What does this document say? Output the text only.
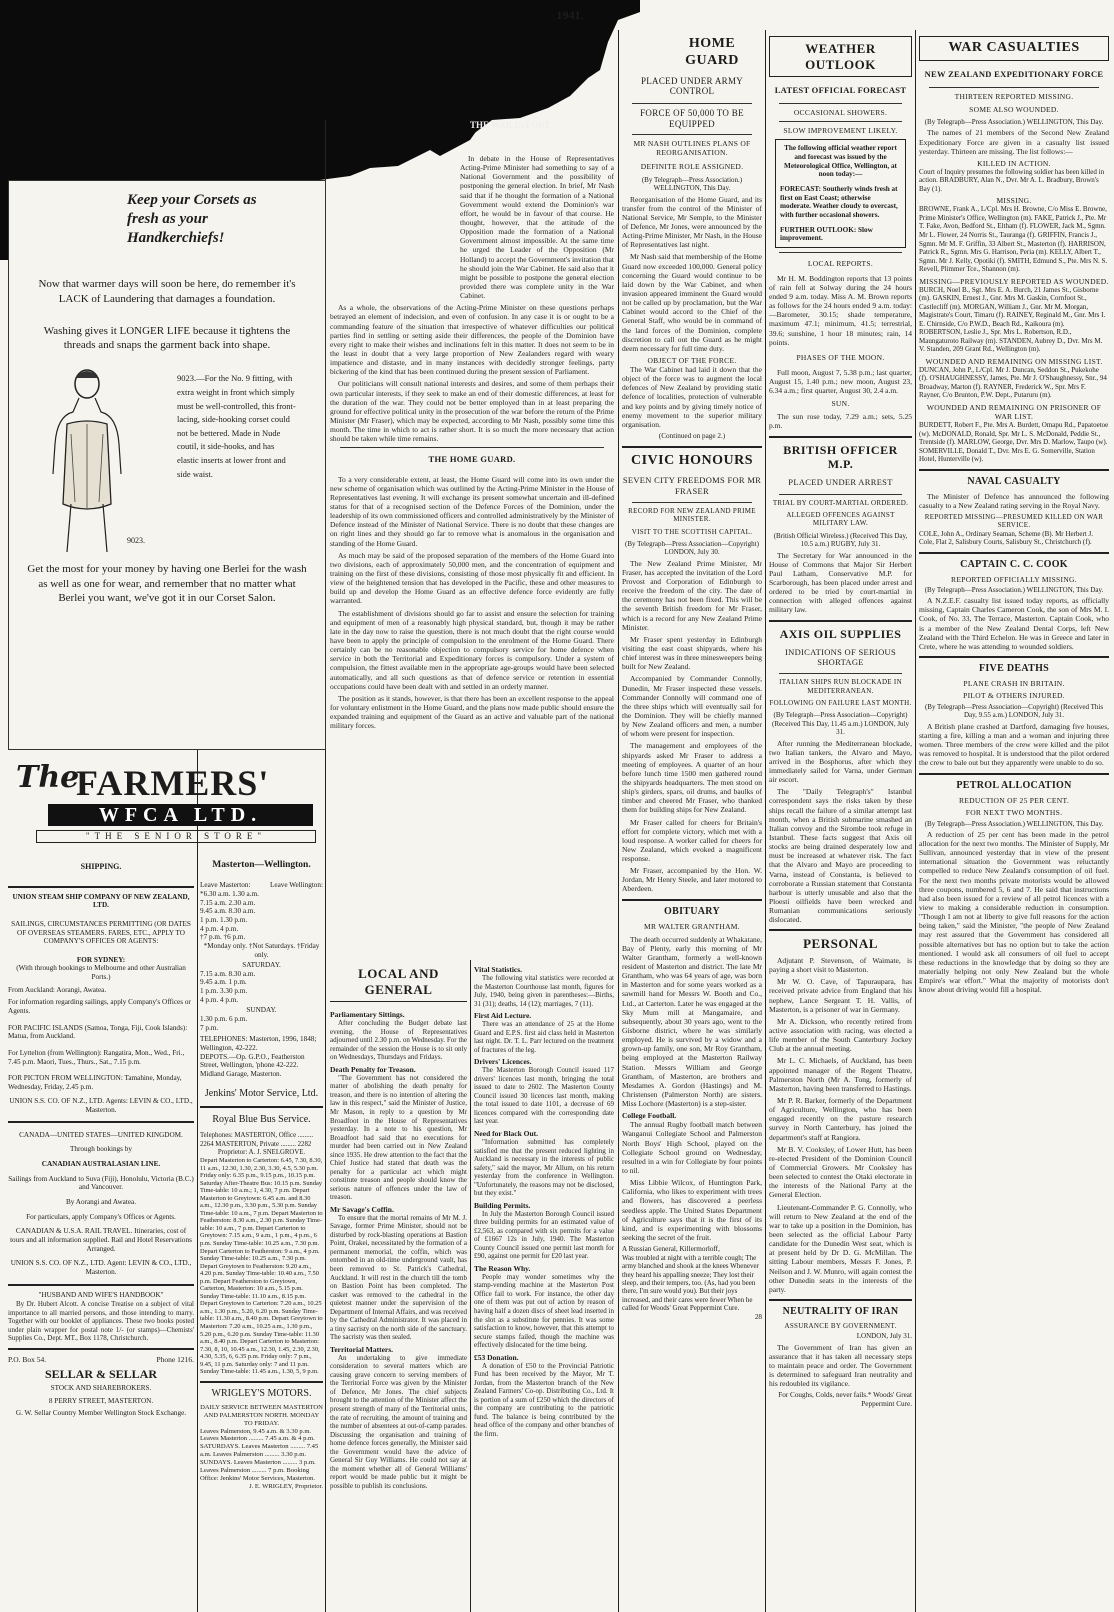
1941.
Keep your Corsets as fresh as your Handkerchiefs!
Now that warmer days will soon be here, do remember it's LACK of Laundering that damages a foundation.
Washing gives it LONGER LIFE because it tightens the threads and snaps the garment back into shape.
9023.—For the No. 9 fitting, with extra weight in front which simply must be well-controlled, this front-lacing, side-hooking corset could not be bettered. Made in Nude coutil, it side-hooks, and has elastic inserts at lower front and side waist.
9023.
Get the most for your money by having one Berlei for the wash as well as one for wear, and remember that no matter what Berlei you want, we've got it in our Corset Salon.
The
FARMERS'
WFCA LTD.
"THE SENIOR STORE"
SHIPPING.
UNION STEAM SHIP COMPANY OF NEW ZEALAND, LTD.
SAILINGS, CIRCUMSTANCES PERMITTING (OR DATES OF OVERSEAS STEAMERS. FARES, ETC., APPLY TO COMPANY'S OFFICES OR AGENTS:
FOR SYDNEY:
(With through bookings to Melbourne and other Australian Ports.)
From Auckland: Aorangi, Awatea.
For information regarding sailings, apply Company's Offices or Agents.
FOR PACIFIC ISLANDS (Samoa, Tonga, Fiji, Cook Islands): Matua, from Auckland.
For Lyttelton (from Wellington): Rangatira, Mon., Wed., Fri., 7.45 p.m. Maori, Tues., Thurs., Sat., 7.15 p.m.
FOR PICTON FROM WELLINGTON: Tamahine, Monday, Wednesday, Friday, 2.45 p.m.
UNION S.S. CO. OF N.Z., LTD. Agents: LEVIN & CO., LTD., Masterton.
CANADA—UNITED STATES—UNITED KINGDOM.
Through bookings by
CANADIAN AUSTRALASIAN LINE.
Sailings from Auckland to Suva (Fiji), Honolulu, Victoria (B.C.) and Vancouver.
By Aorangi and Awatea.
For particulars, apply Company's Offices or Agents.
CANADIAN & U.S.A. RAIL TRAVEL. Itineraries, cost of tours and all information supplied. Rail and Hotel Reservations Arranged.
UNION S.S. CO. OF N.Z., LTD. Agent: LEVIN & CO., LTD., Masterton.
"HUSBAND AND WIFE'S HANDBOOK"
By Dr. Hubert Alcott. A concise Treatise on a subject of vital importance to all married persons, and those intending to marry. Together with our booklet of appliances. These two books posted under plain wrapper for postal note 1/- (or stamps)—Chemists' Supplies Co., Dept. MT., Box 1178, Christchurch.
P.O. Box 54.	Phone 1216.
SELLAR & SELLAR
STOCK AND SHAREBROKERS.
8 PERRY STREET, MASTERTON.
G. W. Sellar Country Member Wellington Stock Exchange.
Masterton—Wellington.
Leave Masterton:	Leave Wellington:
*6.30 a.m. 1.30 a.m.
7.15 a.m. 2.30 a.m.
9.45 a.m. 8.30 a.m.
1 p.m. 1.30 p.m.
4 p.m. 4 p.m.
†7 p.m. †6 p.m.
*Monday only. †Not Saturdays. †Friday only.
SATURDAY.
7.15 a.m. 8.30 a.m.
9.45 a.m. 1 p.m.
1 p.m. 3.30 p.m.
4 p.m. 4 p.m.
SUNDAY.
1.30 p.m. 6 p.m.
7 p.m.
TELEPHONES: Masterton, 1996, 1848; Wellington, 42-222.
DEPOTS.—Op. G.P.O., Featherston Street, Wellington, 'phone 42-222. Midland Garage, Masterton.
Jenkins' Motor Service, Ltd.
Royal Blue Bus Service.
Telephones: MASTERTON, Office ......... 2264 MASTERTON, Private ......... 2282
Proprietor: A. J. SNELGROVE.
Depart Masterton to Carterton: 6.45, 7.30, 8.30, 11 a.m., 12.30, 1.30, 2.30, 3.30, 4.5, 5.30 p.m. Friday only: 6.35 p.m., 9.15 p.m., 10.15 p.m. Saturday After-Theatre Bus: 10.15 p.m. Sunday Time-table: 10 a.m.; 1, 4.30, 7 p.m. Depart Masterton to Greytown: 6.45 a.m. and 8.30 a.m., 12.30 p.m., 3.30 p.m., 5.30 p.m. Sunday Time-table: 10 a.m., 7 p.m. Depart Masterton to Featherston: 8.30 a.m., 2.30 p.m. Sunday Time-table: 10 a.m., 7 p.m. Depart Carterton to Greytown: 7.15 a.m., 9 a.m., 1 p.m., 4 p.m., 6 p.m. Sunday Time-table: 10.25 a.m., 7.30 p.m. Depart Carterton to Featherston: 9 a.m., 4 p.m. Sunday Time-table: 10.25 a.m., 7.30 p.m. Depart Greytown to Featherston: 9.20 a.m., 4.20 p.m. Sunday Time-table: 10.40 a.m., 7.50 p.m. Depart Featherston to Greytown, Carterton, Masterton: 10 a.m., 5.15 p.m. Sunday Time-table: 11.10 a.m., 8.15 p.m. Depart Greytown to Carterton: 7.20 a.m., 10.25 a.m., 1.30 p.m., 5.20, 6.20 p.m. Sunday Time-table: 11.30 a.m., 8.40 p.m. Depart Greytown to Masterton: 7.20 a.m., 10.25 a.m., 1.30 p.m., 5.20 p.m., 6.20 p.m. Sunday Time-table: 11.30 a.m., 8.40 p.m. Depart Carterton to Masterton: 7.30, 8, 10, 10.45 a.m., 12.30, 1.45, 2.30, 2.30, 4.30, 5.35, 6, 6.35 p.m. Friday only: 7 p.m., 9.45, 11 p.m. Saturday only: 7 and 11 p.m. Sunday Time-table: 11.45 a.m., 1.30, 5, 9 p.m.
WRIGLEY'S MOTORS.
DAILY SERVICE BETWEEN MASTERTON AND PALMERSTON NORTH. MONDAY TO FRIDAY.
Leaves Palmerston, 9.45 a.m. & 3.30 p.m. Leaves Masterton ......... 7.45 a.m. & 4 p.m. SATURDAYS. Leaves Masterton ......... 7.45 a.m. Leaves Palmerston ......... 3.30 p.m. SUNDAYS. Leaves Masterton ......... 3 p.m. Leaves Palmerston ......... 7 p.m. Booking Office: Jenkins' Motor Services, Masterton.
J. E. WRIGLEY, Proprietor.
THE WAR EFFORT
In debate in the House of Representatives Acting-Prime Minister had something to say of a National Government and the possibility of postponing the general election. In brief, Mr Nash said that if he thought the formation of a National Government would extend the Dominion's war effort, he would be in favour of that course. He thought, however, that the attitude of the Opposition made the formation of a National Government almost impossible. At the same time he urged the Leader of the Opposition (Mr Holland) to accept the Government's invitation that he should join the War Cabinet. He said also that it might be possible to postpone the general election provided there was complete unity in the War Cabinet.
As a whole, the observations of the Acting-Prime Minister on these questions perhaps betrayed an element of indecision, and even of confusion. In any case it is or ought to be a commanding feature of the situation that irrespective of whatever difficulties our political parties find in settling or setting aside their differences, the people of the Dominion have every right to make their wishes and inclinations felt in this matter. It does not seem to be in the least in doubt that a very large proportion of New Zealanders regard with weary impatience and distaste, and in many instances with decidedly stronger feelings, party bickering of the kind that has been continued during the present session of Parliament.
Our politicians will consult national interests and desires, and some of them perhaps their own particular interests, if they seek to make an end of their domestic differences, at least for the duration of the war. They could not be better employed than in at least preparing the ground for effective political unity in the prosecution of the war before the return of the Prime Minister (Mr Fraser), which may be expected, according to Mr Nash, possibly some time this month. The time in which to act is rather short. It is so much the more necessary that action should be taken while time remains.
THE HOME GUARD.
To a very considerable extent, at least, the Home Guard will come into its own under the new scheme of organisation which was outlined by the Acting-Prime Minister in the House of Representatives last evening. It will exchange its present somewhat uncertain and ill-defined status for that of a recognised section of the Defence Forces of the Dominion, under the leadership of its own commissioned officers and controlled administratively by the Minister of Defence instead of the Minister of National Service. There is no doubt that these changes are on right lines and they should go far to remove what is anomalous in the organisation and standing of the Home Guard.
As much may be said of the proposed separation of the members of the Home Guard into two divisions, each of approximately 50,000 men, and the concentration of equipment and training on the first of these divisions, consisting of those most physically fit and efficient. In view of the heightened tension that has developed in the Pacific, these and other measures to build up and develop the Home Guard as an effective defence force evidently are fully warranted.
The establishment of divisions should go far to assist and ensure the selection for training and equipment of men of a reasonably high physical standard, but, though it may be rather late in the day now to raise the question, there is not much doubt that the right course would have been to apply the principle of compulsion to the enrolment of the Home Guard. There certainly can be no reasonable objection to compulsory service for home defence when service in both the Territorial and Expeditionary forces is compulsory. Under a system of compulsion, the fittest available men in the appropriate age-groups would have been selected automatically, and all such questions as that of defence service or retention in essential occupations could have been dealt with and settled in an orderly manner.
The position as it stands, however, is that there has been an excellent response to the appeal for voluntary enlistment in the Home Guard, and the plans now made public should ensure the expanded training and equipment of the Guard as an active and valuable part of the national military forces.
LOCAL AND GENERAL
Parliamentary Sittings.
After concluding the Budget debate last evening, the House of Representatives adjourned until 2.30 p.m. on Wednesday. For the remainder of the session the House is to sit only on Wednesdays, Thursdays and Fridays.
Death Penalty for Treason.
"The Government has not considered the matter of abolishing the death penalty for treason, and there is no intention of altering the law in this respect," said the Minister of Justice, Mr Mason, in reply to a question by Mr Broadfoot in the House of Representatives yesterday. In a note to his question, Mr Broadfoot had said that no executions for murder had been carried out in New Zealand since 1935. He drew attention to the fact that the Chief Justice had stated that death was the penalty for a particular act which might constitute treason and people should know the serious nature of offences under the law of treason.
Mr Savage's Coffin.
To ensure that the mortal remains of Mr M. J. Savage, former Prime Minister, should not be disturbed by rock-blasting operations at Bastion Point, Orakei, necessitated by the formation of a permanent memorial, the coffin, which was entombed in an old-time underground vault, has been removed to St. Patrick's Cathedral, Auckland. It will rest in the church till the tomb on Bastion Point has been completed. The casket was removed to the cathedral in the quietest manner under the supervision of the Department of Internal Affairs, and was received by the Cathedral Administrator. It was placed in a tiny sacristy on the north side of the sanctuary. The sacristy was then sealed.
Territorial Matters.
An undertaking to give immediate consideration to several matters which are causing grave concern to serving members of the Territorial Force was given by the Minister of Defence, Mr Jones. The chief subjects brought to the attention of the Minister affect the present strength of many of the Territorial units, the rate of recruiting, the amount of training and the number of absentees at out-of-camp parades. Discussing the organisation and training of home defence forces generally, the Minister said the Government would have the advice of General Sir Guy Williams. He could not say at the moment whether all of General Williams' report would be made public but it might be possible to publish its conclusions.
Vital Statistics.
The following vital statistics were recorded at the Masterton Courthouse last month, figures for July, 1940, being given in parentheses:—Births, 31 (31); deaths, 14 (12); marriages, 7 (11).
First Aid Lecture.
There was an attendance of 25 at the Home Guard and E.P.S. first aid class held in Masterton last night. Dr. T. L. Parr lectured on the treatment of fractures of the leg.
Drivers' Licences.
The Masterton Borough Council issued 117 drivers' licences last month, bringing the total issued to date to 2602. The Masterton County Council issued 30 licences last month, making the total issued to date 1101, a decrease of 69 licences compared with the corresponding date last year.
Need for Black Out.
"Information submitted has completely satisfied me that the present reduced lighting in Auckland is necessary in the interests of public safety," said the mayor, Mr Allum, on his return yesterday from the conference in Wellington. "Unfortunately, the reasons may not be disclosed, but they exist."
Building Permits.
In July the Masterton Borough Council issued three building permits for an estimated value of £2,563, as compared with six permits for a value of £1667 12s in July, 1940. The Masterton County Council issued one permit last month for £90, against one permit for £20 last year.
The Reason Why.
People may wonder sometimes why the stamp-vending machine at the Masterton Post Office fail to work. For instance, the other day one of them was put out of action by reason of having half a dozen discs of sheet lead inserted in the slot as a substitute for pennies. It was some satisfaction to know, however, that this attempt to secure stamps failed, though the machine was effectively dislocated for the time being.
£53 Donation.
A donation of £50 to the Provincial Patriotic Fund has been received by the Mayor, Mr T. Jordan, from the Masterton branch of the New Zealand Farmers' Co-op. Distributing Co., Ltd. It is portion of a sum of £250 which the directors of the company are contributing to the patriotic fund. The balance is being contributed by the head office of the company and other branches of the firm.
HOME GUARD
PLACED UNDER ARMY CONTROL
FORCE OF 50,000 TO BE EQUIPPED
MR NASH OUTLINES PLANS OF REORGANISATION.
DEFINITE ROLE ASSIGNED.
(By Telegraph—Press Association.) WELLINGTON, This Day.
Reorganisation of the Home Guard, and its transfer from the control of the Minister of National Service, Mr Semple, to the Minister of Defence, Mr Jones, were announced by the Acting-Prime Minister, Mr Nash, in the House of Representatives last night.
Mr Nash said that membership of the Home Guard now exceeded 100,000. General policy concerning the Guard would continue to be laid down by the War Cabinet, and when invasion appeared imminent the Guard would not be called up by proclamation, but the War Cabinet would accord to the Chief of the General Staff, who would be in command of the land forces of the Dominion, complete discretion to call out the Guard as he might deem necessary for full time duty.
OBJECT OF THE FORCE.
The War Cabinet had laid it down that the object of the force was to augment the local defences of New Zealand by providing static defence of localities, protection of vulnerable and key points and by giving timely notice of enemy movement to the superior military organisation.
(Continued on page 2.)
CIVIC HONOURS
SEVEN CITY FREEDOMS FOR MR FRASER
RECORD FOR NEW ZEALAND PRIME MINISTER.
VISIT TO THE SCOTTISH CAPITAL.
(By Telegraph—Press Association—Copyright) LONDON, July 30.
The New Zealand Prime Minister, Mr Fraser, has accepted the invitation of the Lord Provost and Corporation of Edinburgh to receive the freedom of the city. The date of the ceremony has not been fixed. This will be the seventh British freedom for Mr Fraser, which is a record for any New Zealand Prime Minister.
Mr Fraser spent yesterday in Edinburgh visiting the east coast shipyards, where his chief interest was in three minesweepers being built for New Zealand.
Accompanied by Commander Connolly, Dunedin, Mr Fraser inspected these vessels. Commander Connolly will command one of the three ships which will eventually sail for the Dominion. They will be chiefly manned by New Zealand officers and men, a number of whom were present for inspection.
The management and employees of the shipyards asked Mr Fraser to address a meeting of employees. A quarter of an hour before lunch time 1500 men gathered round the shipyards headquarters. The men stood on ship's girders, spars, oil drums, and baulks of timber and cheered Mr Fraser, who thanked them for building ships for New Zealand.
Mr Fraser called for cheers for Britain's effort for complete victory, which met with a loud response. A worker called for cheers for New Zealand, which evoked a magnificent response.
Mr Fraser, accompanied by the Hon. W. Jordan, Mr Henry Steele, and later motored to Aberdeen.
OBITUARY
MR WALTER GRANTHAM.
The death occurred suddenly at Whakatane, Bay of Plenty, early this morning of Mr Walter Grantham, formerly a well-known resident of Masterton and district. The late Mr Grantham, who was 64 years of age, was born in Masterton and for some years worked as a sawmill hand for Messrs W. Booth and Co., Ltd., at Carterton. Later he was engaged at the Sky Mum mill at Mangamaire, and subsequently, about 30 years ago, went to the Gisborne district, where he was similarly employed. He is survived by a widow and a grown-up family, one son, Mr Roy Grantham, being employed at the Masterton Railway Station. Messrs William and George Grantham, of Masterton, are brothers and Mesdames A. Gordon (Hastings) and M. Christensen (Palmerston North) are sisters. Miss Lochore (Masterton) is a step-sister.
College Football.
The annual Rugby football match between Wanganui Collegiate School and Palmerston North Boys' High School, played on the Collegiate School ground on Wednesday, resulted in a win for Collegiate by four points to nil.
Miss Libbie Wilcox, of Huntington Park, California, who likes to experiment with trees and flowers, has discovered a peerless seedless apple. The United States Department of Agriculture says that it is the first of its kind, and is experimenting with blossoms seeking the secret of the fruit.
A Russian General, Killermorloff,
Was troubled at night with a terrible cough; The army blanched and shook at the knees Whenever they heard his appalling sneeze; They lost their sleep, and their tempers, too. (As, had you been there, I'm sure would you). But their joys increased, and their cares were fewer When he called for Woods' Great Peppermint Cure.
28
WEATHER OUTLOOK
LATEST OFFICIAL FORECAST
OCCASIONAL SHOWERS.
SLOW IMPROVEMENT LIKELY.
The following official weather report and forecast was issued by the Meteorological Office, Wellington, at noon today:—
FORECAST: Southerly winds fresh at first on East Coast; otherwise moderate. Weather cloudy to overcast, with further occasional showers.
FURTHER OUTLOOK: Slow improvement.
LOCAL REPORTS.
Mr H. M. Boddington reports that 13 points of rain fell at Solway during the 24 hours ended 9 a.m. today. Miss A. M. Brown reports as follows for the 24 hours ended 9 a.m. today:—Barometer, 30.15; shade temperature, maximum 47.1; minimum, 41.5; terrestrial, 39.6; sunshine, 1 hour 18 minutes; rain, 14 points.
PHASES OF THE MOON.
Full moon, August 7, 5.38 p.m.; last quarter, August 15, 1.40 p.m.; new moon, August 23, 6.34 a.m.; first quarter, August 30, 2.4 a.m.
SUN.
The sun rose today, 7.29 a.m.; sets, 5.25 p.m.
BRITISH OFFICER M.P.
PLACED UNDER ARREST
TRIAL BY COURT-MARTIAL ORDERED.
ALLEGED OFFENCES AGAINST MILITARY LAW.
(British Official Wireless.) (Received This Day, 10.5 a.m.) RUGBY, July 31.
The Secretary for War announced in the House of Commons that Major Sir Herbert Paul Latham, Conservative M.P. for Scarborough, has been placed under arrest and ordered to be tried by court-martial in connection with alleged offences against military law.
AXIS OIL SUPPLIES
INDICATIONS OF SERIOUS SHORTAGE
ITALIAN SHIPS RUN BLOCKADE IN MEDITERRANEAN.
FOLLOWING ON FAILURE LAST MONTH.
(By Telegraph—Press Association—Copyright) (Received This Day, 11.45 a.m.) LONDON, July 31.
After running the Mediterranean blockade, two Italian tankers, the Alvaro and Mayo, arrived in the Bosphorus, after which they immediately sailed for Varna, under German air escort.
The "Daily Telegraph's" Istanbul correspondent says the risks taken by these ships recall the failure of a similar attempt last month, when a British submarine smashed an Italian convoy and the Sirombe took refuge in Istanbul. These facts suggest that Axis oil stocks are being drained desperately low and must be increased at whatever risk. The fact that the Alvaro and Mayo are proceeding to Varna, instead of Constanta, is believed to corroborate a Russian statement that Constanta harbour is utterly unusable and also that the Ploesti oilfields have been wrecked and Rumanian communications seriously dislocated.
PERSONAL
Adjutant P. Stevenson, of Waimate, is paying a short visit to Masterton.
Mr W. O. Cave, of Tapuraupara, has received private advice from England that his nephew, Lance Sergeant T. H. Vallis, of Masterton, is a prisoner of war in Germany.
Mr A. Dickson, who recently retired from active association with racing, was elected a life member of the South Canterbury Jockey Club at the annual meeting.
Mr L. C. Michaels, of Auckland, has been appointed manager of the Regent Theatre, Palmerston North (Mr A. Tong, formerly of Masterton, having been transferred to Hastings.
Mr P. R. Barker, formerly of the Department of Agriculture, Wellington, who has been engaged recently on the pasture research survey in North Canterbury, has joined the department's staff at Rangiora.
Mr B. V. Cooksley, of Lower Hutt, has been re-elected President of the Dominion Council of Commercial Growers. Mr Cooksley has been selected to contest the Otaki electorate in the interests of the National Party at the General Election.
Lieutenant-Commander P. G. Connolly, who will return to New Zealand at the end of the war to take up a position in the Dominion, has been selected as the official Labour Party candidate for the Dunedin West seat, which is at present held by Dr D. G. McMillan. The sitting Labour members, Messrs F. Jones, P. Neilson and J. W. Munro, will again contest the other Dunedin seats in the interests of the party.
NEUTRALITY OF IRAN
ASSURANCE BY GOVERNMENT.
LONDON, July 31.
The Government of Iran has given an assurance that it has taken all necessary steps to maintain peace and order. The Government is determined to safeguard Iran neutrality and his redoubled its vigilance.
For Coughs, Colds, never fails.* Woods' Great Peppermint Cure.
WAR CASUALTIES
NEW ZEALAND EXPEDITIONARY FORCE
THIRTEEN REPORTED MISSING.
SOME ALSO WOUNDED.
(By Telegraph—Press Association.) WELLINGTON, This Day.
The names of 21 members of the Second New Zealand Expeditionary Force are given in a casualty list issued yesterday. Thirteen are missing. The list follows:—
KILLED IN ACTION.
Court of Inquiry presumes the following soldier has been killed in action. BRADBURY, Alan N., Dvr. Mr A. L. Bradbury, Brown's Bay (1).
MISSING.
BROWNE, Frank A., L/Cpl. Mrs H. Browne, C/o Miss E. Browne, Prime Minister's Office, Wellington (m). FAKE, Patrick J., Pte. Mr T. Fake, Avon, Bedford St., Eltham (f). FLOWER, Jack M., Sgmn. Mr L. Flower, 24 Norris St., Tauranga (f). GRIFFIN, Francis J., Sgmn. Mr M. F. Griffin, 33 Albert St., Masterton (f). HARRISON, Patrick R., Sgmn. Mrs G. Harrison, Peria (m). KELLY, Albert T., Sgmn. Mr J. Kelly, Opotiki (f). SMITH, Edmund S., Pte. Mrs N. S. Revell, Plimmer Tce., Shannon (m).
MISSING—PREVIOUSLY REPORTED AS WOUNDED.
BURCH, Noel B., Sgt. Mrs E. A. Burch, 21 James St., Gisborne (m). GASKIN, Ernest J., Gnr. Mrs M. Gaskin, Cornfoot St., Castlecliff (m). MORGAN, William J., Gnr. Mr M. Morgan, Magistrate's Court, Timaru (f). RAINEY, Reginald M., Gnr. Mrs I. E. Chirnside, C/o P.W.D., Beach Rd., Kaikoura (m). ROBERTSON, Leslie J., Spr. Mrs L. Robertson, R.D., Maungaturoto Railway (m). STANDEN, Aubrey D., Dvr. Mrs M. V. Standen, 209 Grant Rd., Wellington (m).
WOUNDED AND REMAINING ON MISSING LIST.
DUNCAN, John P., L/Cpl. Mr J. Duncan, Seddon St., Pukekohe (f). O'SHAUGHNESSY, James, Pte. Mr J. O'Shaughnessy, Snr., 94 Broadway, Marton (f). RAYNER, Frederick W., Spr. Mrs F. Rayner, C/o Brunton, P.W. Dept., Putaruru (m).
WOUNDED AND REMAINING ON PRISONER OF WAR LIST.
BURDETT, Robert F., Pte. Mrs A. Burdett, Omapu Rd., Papatoetoe (w). McDONALD, Ronald, Spr. Mr L. S. McDonald, Peddie St., Trentside (f). MARLOW, George, Dvr. Mrs D. Marlow, Taupo (w). SOMERVILLE, Donald T., Dvr. Mrs E. G. Somerville, Station Hotel, Hunterville (w).
NAVAL CASUALTY
The Minister of Defence has announced the following casualty to a New Zealand rating serving in the Royal Navy.
REPORTED MISSING—PRESUMED KILLED ON WAR SERVICE.
COLE, John A., Ordinary Seaman, Scheme (B). Mr Herbert J. Cole, Flat 2, Salisbury Courts, Salisbury St., Christchurch (f).
CAPTAIN C. C. COOK
REPORTED OFFICIALLY MISSING.
(By Telegraph—Press Association.) WELLINGTON, This Day.
A N.Z.E.F. casualty list issued today reports, as officially missing, Captain Charles Cameron Cook, the son of Mrs M. I. Cook, of No. 33, The Terrace, Masterton. Captain Cook, who is a member of the New Zealand Dental Corps, left New Zealand with the Third Echelon. He was in Greece and later in Crete, where he was attending to wounded soldiers.
FIVE DEATHS
PLANE CRASH IN BRITAIN.
PILOT & OTHERS INJURED.
(By Telegraph—Press Association—Copyright) (Received This Day, 9.55 a.m.) LONDON, July 31.
A British plane crashed at Dartford, damaging five houses, starting a fire, killing a man and a woman and injuring three women. Three members of the crew were killed and the pilot was removed to hospital. It is understood that the pilot ordered the crew to bale out but they apparently were unable to do so.
PETROL ALLOCATION
REDUCTION OF 25 PER CENT.
FOR NEXT TWO MONTHS.
(By Telegraph—Press Association.) WELLINGTON, This Day.
A reduction of 25 per cent has been made in the petrol allocation for the next two months. The Minister of Supply, Mr Sullivan, announced yesterday that in view of the present international situation the Government was reluctantly compelled to reduce New Zealand's consumption of oil fuel. For the next two months private motorists would be allowed three coupons, numbered 5, 6 and 7. He said that instructions had also been issued for a review of all petrol licences with a view to making a considerable reduction in consumption. "Though I am not at liberty to give full reasons for the action being taken," said the Minister, "the people of New Zealand may rest assured that the Government has considered all possible alternatives but has no option but to take the action mentioned. I would ask all consumers of oil fuel to accept these reductions in the knowledge that by doing so they are materially helping not only New Zealand but the whole Empire's war effort." What the majority of motorists don't know about driving would fill a hospital.
